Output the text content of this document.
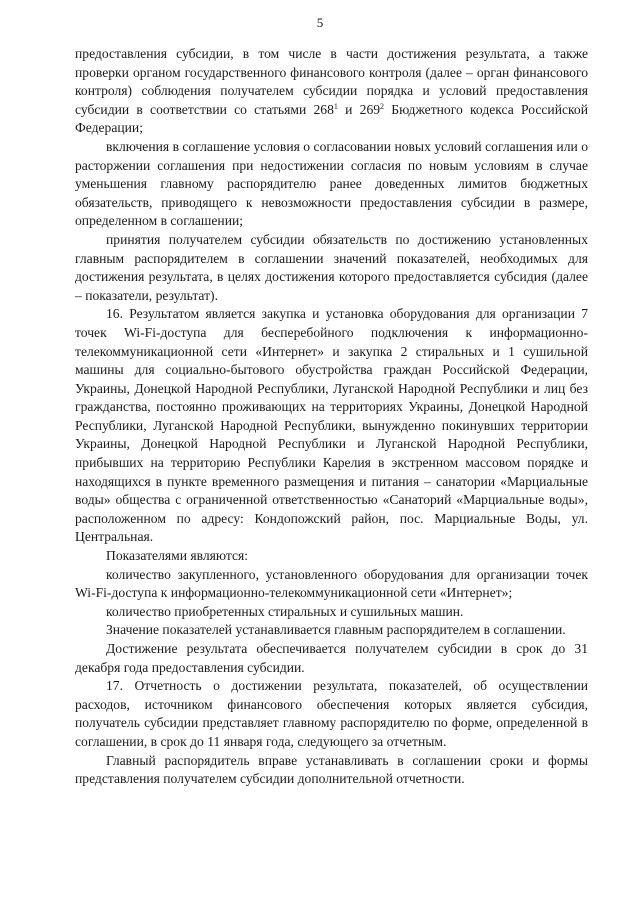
5

предоставления субсидии, в том числе в части достижения результата, а также проверки органом государственного финансового контроля (далее – орган финансового контроля) соблюдения получателем субсидии порядка и условий предоставления субсидии в соответствии со статьями $268^1$ и $269^2$ Бюджетного кодекса Российской Федерации;

включения в соглашение условия о согласовании новых условий соглашения или о расторжении соглашения при недостижении согласия по новым условиям в случае уменьшения главному распорядителю ранее доведенных лимитов бюджетных обязательств, приводящего к невозможности предоставления субсидии в размере, определенном в соглашении;

принятия получателем субсидии обязательств по достижению установленных главным распорядителем в соглашении значений показателей, необходимых для достижения результата, в целях достижения которого предоставляется субсидия (далее – показатели, результат).

16. Результатом является закупка и установка оборудования для организации 7 точек Wi-Fi-доступа для бесперебойного подключения к информационно-телекоммуникационной сети «Интернет» и закупка 2 стиральных и 1 сушильной машины для социально-бытового обустройства граждан Российской Федерации, Украины, Донецкой Народной Республики, Луганской Народной Республики и лиц без гражданства, постоянно проживающих на территориях Украины, Донецкой Народной Республики, Луганской Народной Республики, вынужденно покинувших территории Украины, Донецкой Народной Республики и Луганской Народной Республики, прибывших на территорию Республики Карелия в экстренном массовом порядке и находящихся в пункте временного размещения и питания – санатории «Марциальные воды» общества с ограниченной ответственностью «Санаторий «Марциальные воды», расположенном по адресу: Кондопожский район, пос. Марциальные Воды, ул. Центральная.

Показателями являются:

количество закупленного, установленного оборудования для организации точек Wi-Fi-доступа к информационно-телекоммуникационной сети «Интернет»;

количество приобретенных стиральных и сушильных машин.

Значение показателей устанавливается главным распорядителем в соглашении.

Достижение результата обеспечивается получателем субсидии в срок до 31 декабря года предоставления субсидии.

17. Отчетность о достижении результата, показателей, об осуществлении расходов, источником финансового обеспечения которых является субсидия, получатель субсидии представляет главному распорядителю по форме, определенной в соглашении, в срок до 11 января года, следующего за отчетным.

Главный распорядитель вправе устанавливать в соглашении сроки и формы представления получателем субсидии дополнительной отчетности.
